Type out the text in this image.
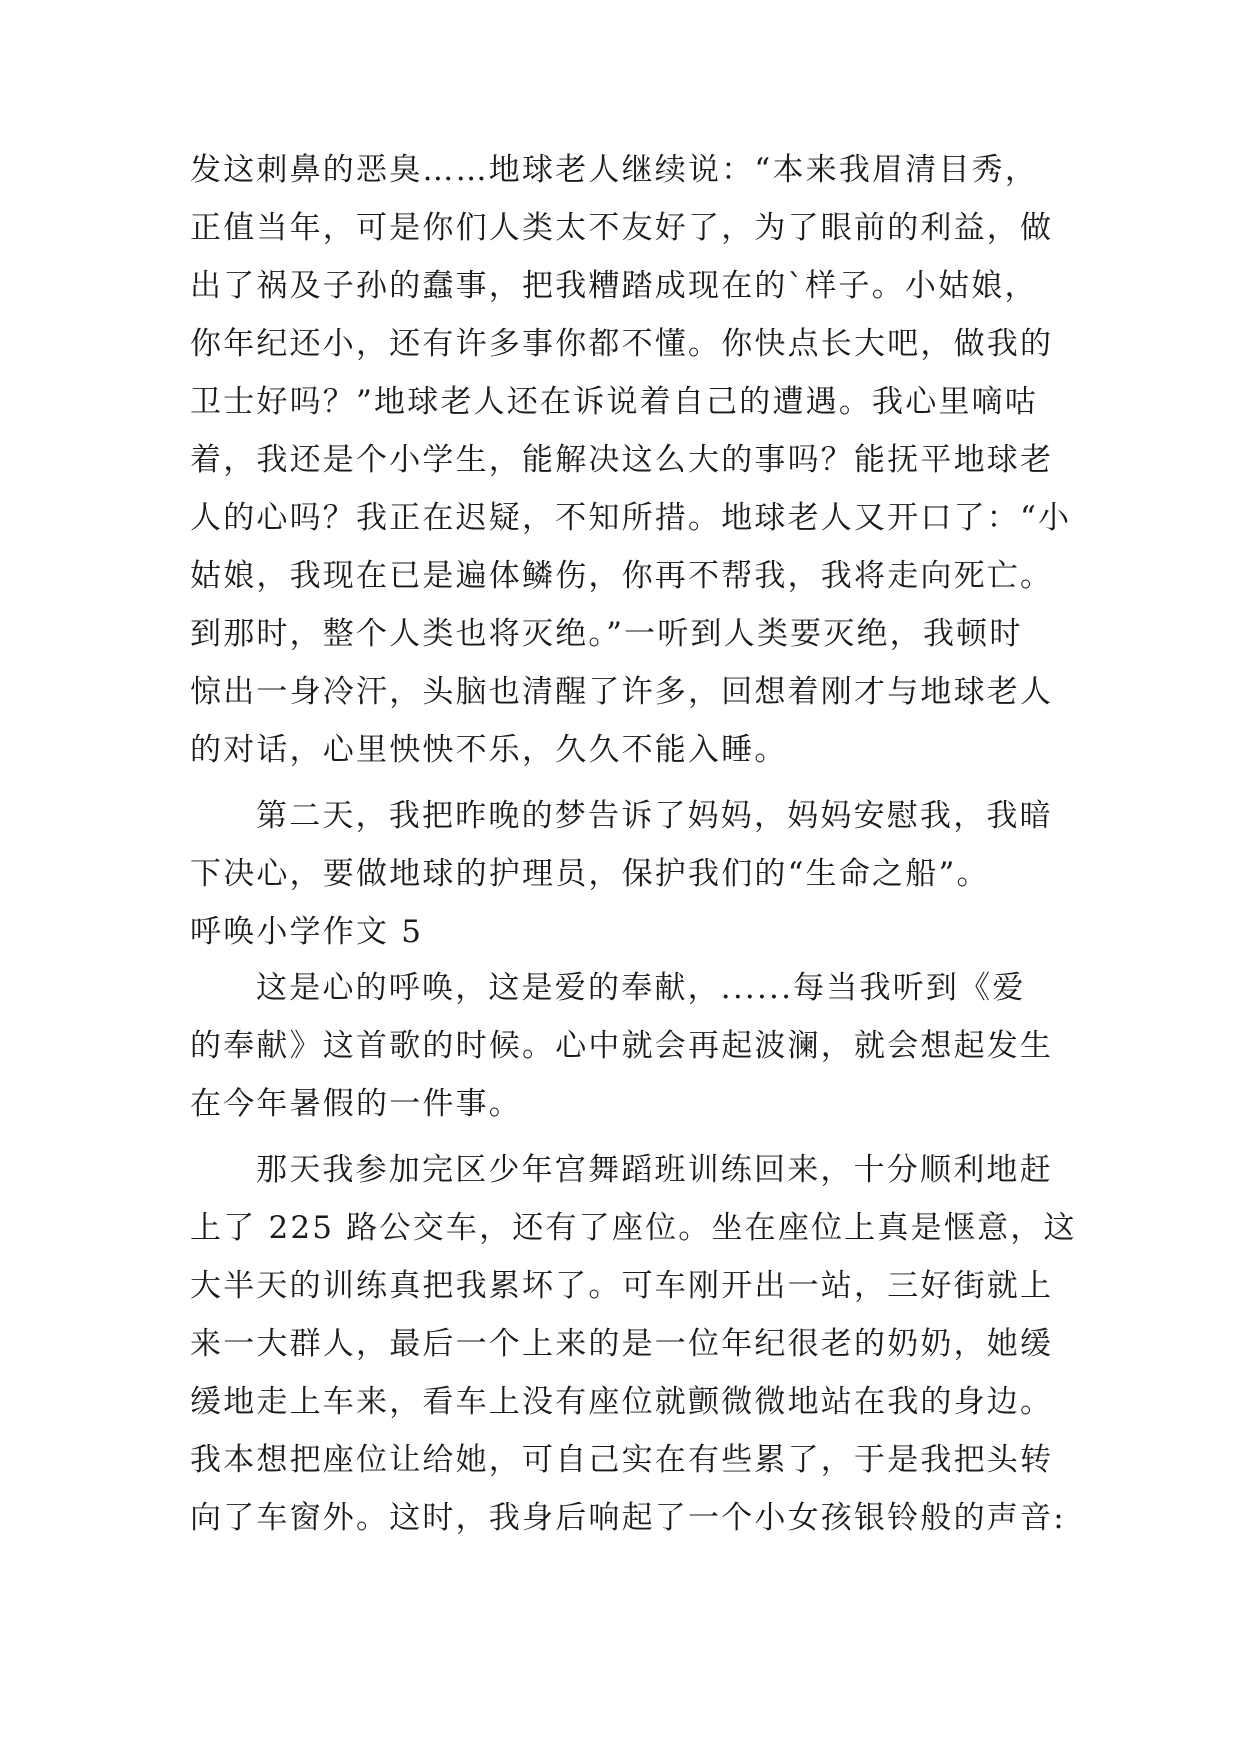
发这刺鼻的恶臭……地球老人继续说：“本来我眉清目秀，
正值当年，可是你们人类太不友好了，为了眼前的利益，做
出了祸及子孙的蠢事，把我糟踏成现在的`样子。小姑娘，
你年纪还小，还有许多事你都不懂。你快点长大吧，做我的
卫士好吗？”地球老人还在诉说着自己的遭遇。我心里嘀咕
着，我还是个小学生，能解决这么大的事吗？能抚平地球老
人的心吗？我正在迟疑，不知所措。地球老人又开口了：“小
姑娘，我现在已是遍体鳞伤，你再不帮我，我将走向死亡。
到那时，整个人类也将灭绝。”一听到人类要灭绝，我顿时
惊出一身冷汗，头脑也清醒了许多，回想着刚才与地球老人
的对话，心里怏怏不乐，久久不能入睡。
第二天，我把昨晚的梦告诉了妈妈，妈妈安慰我，我暗
下决心，要做地球的护理员，保护我们的“生命之船”。
呼唤小学作文 5
这是心的呼唤，这是爱的奉献，......每当我听到《爱
的奉献》这首歌的时候。心中就会再起波澜，就会想起发生
在今年暑假的一件事。
那天我参加完区少年宫舞蹈班训练回来，十分顺利地赶
上了 225 路公交车，还有了座位。坐在座位上真是惬意，这
大半天的训练真把我累坏了。可车刚开出一站，三好街就上
来一大群人，最后一个上来的是一位年纪很老的奶奶，她缓
缓地走上车来，看车上没有座位就颤微微地站在我的身边。
我本想把座位让给她，可自己实在有些累了，于是我把头转
向了车窗外。这时，我身后响起了一个小女孩银铃般的声音:
